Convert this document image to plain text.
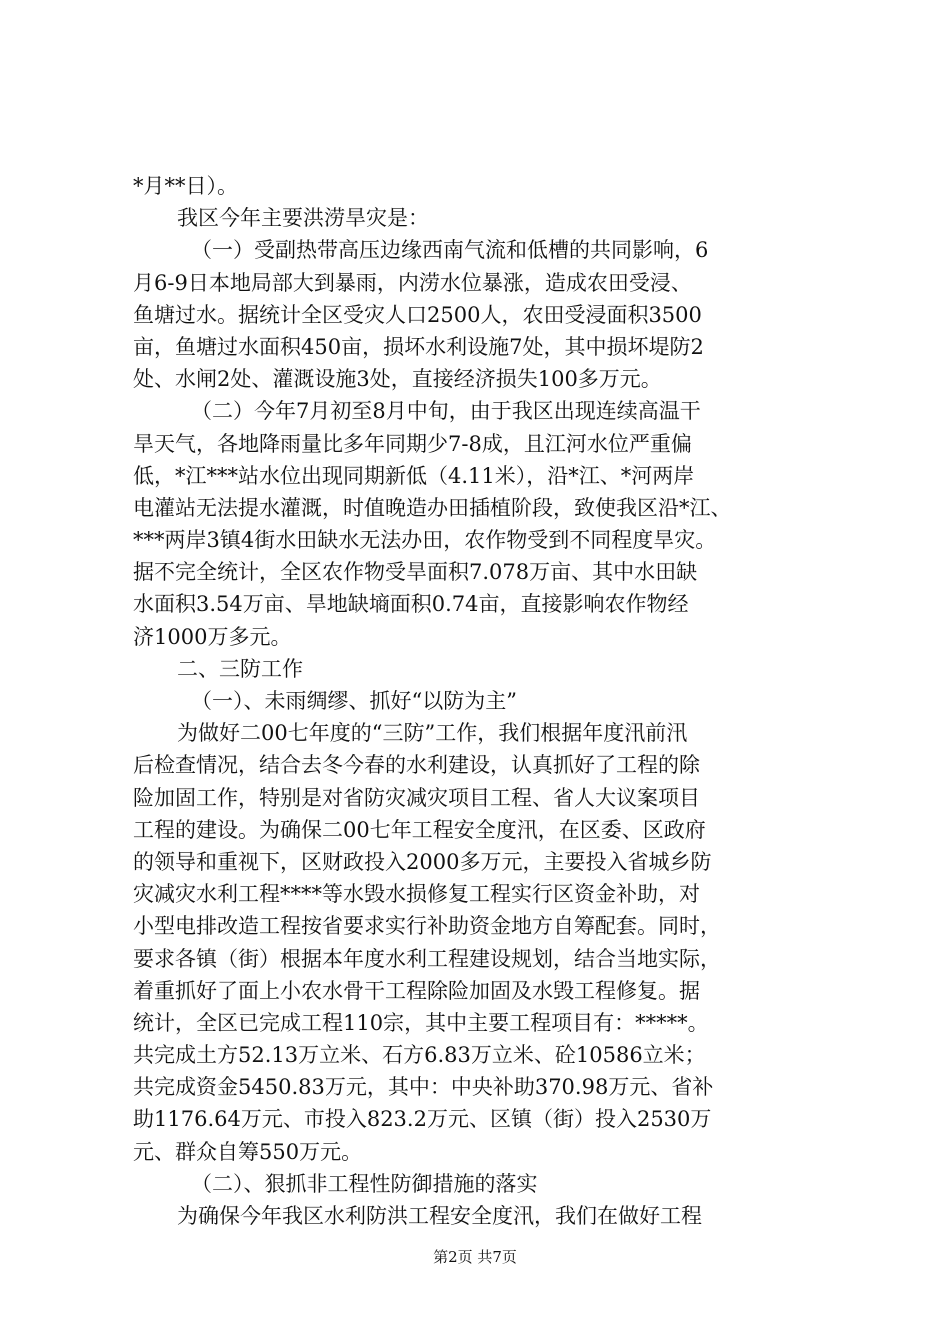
*月**日）。
我区今年主要洪涝旱灾是：
（一）受副热带高压边缘西南气流和低槽的共同影响，6
月6-9日本地局部大到暴雨，内涝水位暴涨，造成农田受浸、
鱼塘过水。据统计全区受灾人口2500人，农田受浸面积3500
亩，鱼塘过水面积450亩，损坏水利设施7处，其中损坏堤防2
处、水闸2处、灌溉设施3处，直接经济损失100多万元。
（二）今年7月初至8月中旬，由于我区出现连续高温干
旱天气，各地降雨量比多年同期少7-8成，且江河水位严重偏
低，*江***站水位出现同期新低（4.11米），沿*江、*河两岸
电灌站无法提水灌溉，时值晚造办田插植阶段，致使我区沿*江、
***两岸3镇4街水田缺水无法办田，农作物受到不同程度旱灾。
据不完全统计，全区农作物受旱面积7.078万亩、其中水田缺
水面积3.54万亩、旱地缺墒面积0.74亩，直接影响农作物经
济1000万多元。
二、三防工作
（一）、未雨绸缪、抓好“以防为主”
为做好二00七年度的“三防”工作，我们根据年度汛前汛
后检查情况，结合去冬今春的水利建设，认真抓好了工程的除
险加固工作，特别是对省防灾减灾项目工程、省人大议案项目
工程的建设。为确保二00七年工程安全度汛，在区委、区政府
的领导和重视下，区财政投入2000多万元，主要投入省城乡防
灾减灾水利工程****等水毁水损修复工程实行区资金补助，对
小型电排改造工程按省要求实行补助资金地方自筹配套。同时，
要求各镇（街）根据本年度水利工程建设规划，结合当地实际，
着重抓好了面上小农水骨干工程除险加固及水毁工程修复。据
统计，全区已完成工程110宗，其中主要工程项目有：*****。
共完成土方52.13万立米、石方6.83万立米、砼10586立米；
共完成资金5450.83万元，其中：中央补助370.98万元、省补
助1176.64万元、市投入823.2万元、区镇（街）投入2530万
元、群众自筹550万元。
（二）、狠抓非工程性防御措施的落实
为确保今年我区水利防洪工程安全度汛，我们在做好工程
第2页 共7页
